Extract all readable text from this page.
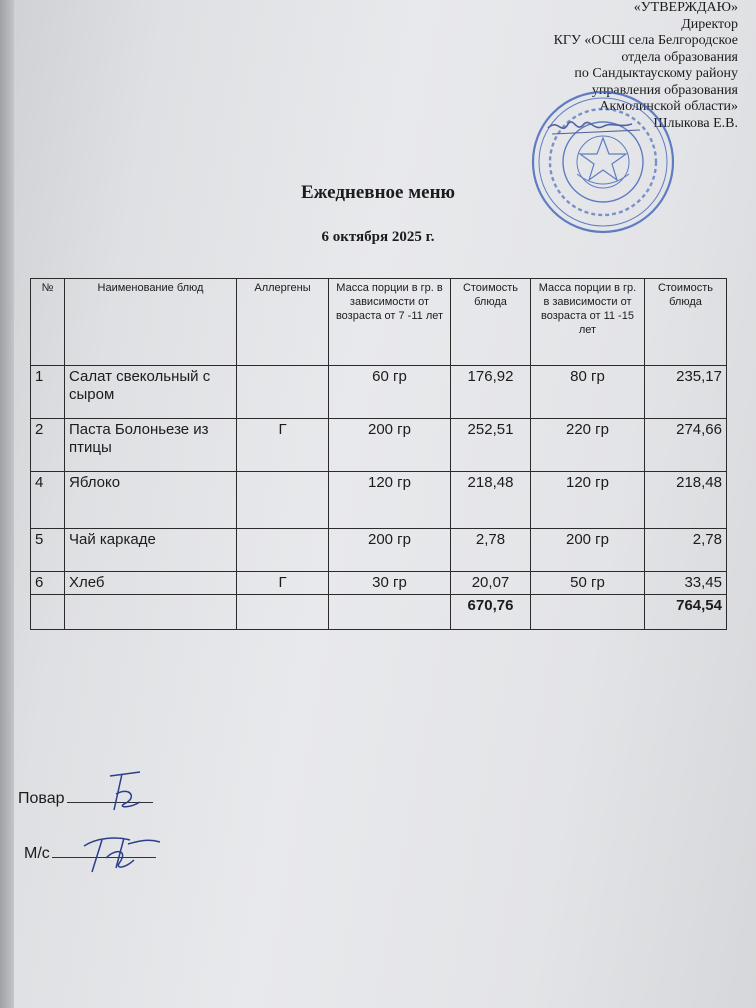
«УТВЕРЖДАЮ»
Директор
КГУ «ОСШ села Белгородское
отдела образования
по Сандыктаускому району
управления образования
Акмолинской области»
Шлыкова Е.В.
Ежедневное меню
6 октября 2025 г.
№	Наименование блюд	Аллергены	Масса порции в гр. в зависимости от возраста от 7 -11 лет	Стоимость блюда	Масса порции в гр. в зависимости от возраста от 11 -15 лет	Стоимость блюда
1	Салат свекольный с сыром		60 гр	176,92	80 гр	235,17
2	Паста Болоньезе из птицы	Г	200 гр	252,51	220 гр	274,66
4	Яблоко		120 гр	218,48	120 гр	218,48
5	Чай каркаде		200 гр	2,78	200 гр	2,78
6	Хлеб	Г	30 гр	20,07	50 гр	33,45
				670,76		764,54
Повар
М/с
